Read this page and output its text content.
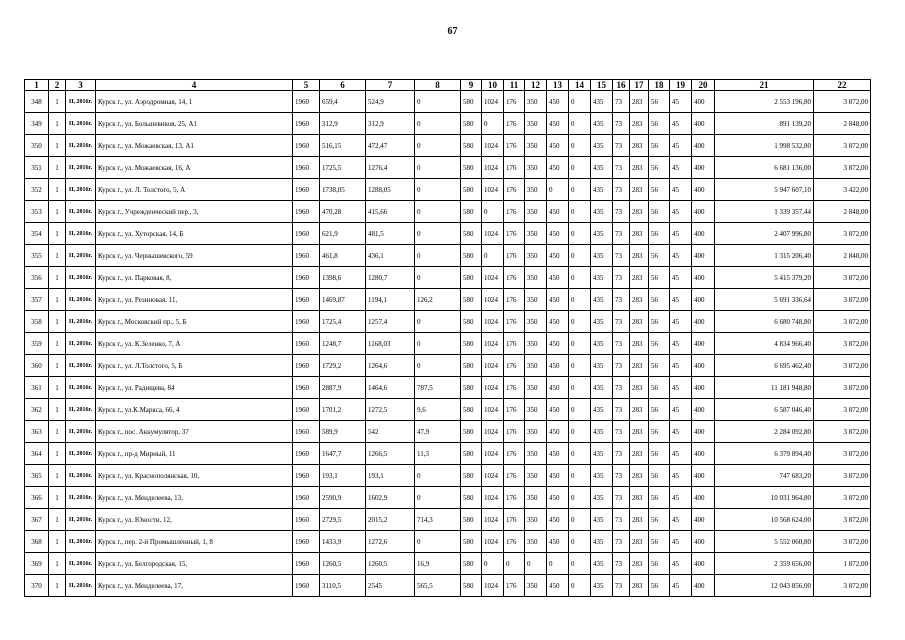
67
1	2	3	4	5	6	7	8	9	10	11	12	13	14	15	16	17	18	19	20	21	22
348	1	II, 2016г.	Курск г., ул. Аэродромная, 14, 1	1960	659,4	524,9	0	580	1024	176	350	450	0	435	73	283	56	45	400	2 553 196,80	3 872,00
349	1	II, 2016г.	Курск г., ул. Большевиков, 25, А1	1960	312,9	312,9	0	580	0	176	350	450	0	435	73	283	56	45	400	891 139,20	2 848,00
350	1	II, 2016г.	Курск г., ул. Можаевская, 13, А1	1960	516,15	472,47	0	580	1024	176	350	450	0	435	73	283	56	45	400	1 998 532,80	3 872,00
351	1	II, 2016г.	Курск г., ул. Можаевская, 16, А	1960	1725,5	1276,4	0	580	1024	176	350	450	0	435	73	283	56	45	400	6 681 136,00	3 872,00
352	1	II, 2016г.	Курск г., ул. Л. Толстого, 5, А	1960	1738,05	1288,05	0	580	1024	176	350	0	0	435	73	283	56	45	400	5 947 607,10	3 422,00
353	1	II, 2016г.	Курск г., Учрежденческий пер., 3,	1960	470,28	415,66	0	580	0	176	350	450	0	435	73	283	56	45	400	1 339 357,44	2 848,00
354	1	II, 2016г.	Курск г., ул. Хуторская, 14, Б	1960	621,9	481,5	0	580	1024	176	350	450	0	435	73	283	56	45	400	2 407 996,80	3 872,00
355	1	II, 2016г.	Курск г., ул. Чернышевского, 59	1960	461,8	436,1	0	580	0	176	350	450	0	435	73	283	56	45	400	1 315 206,40	2 848,00
356	1	II, 2016г.	Курск г., ул. Парковая, 8,	1960	1398,6	1280,7	0	580	1024	176	350	450	0	435	73	283	56	45	400	5 415 379,20	3 872,00
357	1	II, 2016г.	Курск г., ул. Резиновая, 11,	1960	1469,87	1194,1	126,2	580	1024	176	350	450	0	435	73	283	56	45	400	5 691 336,64	3 872,00
358	1	II, 2016г.	Курск г., Московский пр., 5, Б	1960	1725,4	1257,4	0	580	1024	176	350	450	0	435	73	283	56	45	400	6 680 748,80	3 872,00
359	1	II, 2016г.	Курск г., ул. К.Зеленко, 7, А	1960	1248,7	1168,03	0	580	1024	176	350	450	0	435	73	283	56	45	400	4 834 966,40	3 872,00
360	1	II, 2016г.	Курск г., ул. Л.Толстого, 5, Б	1960	1729,2	1264,6	0	580	1024	176	350	450	0	435	73	283	56	45	400	6 695 462,40	3 872,00
361	1	II, 2016г.	Курск г., ул. Радищева, 84	1960	2887,9	1464,6	787,5	580	1024	176	350	450	0	435	73	283	56	45	400	11 181 948,80	3 872,00
362	1	II, 2016г.	Курск г., ул.К.Маркса, 66, 4	1960	1701,2	1272,5	9,6	580	1024	176	350	450	0	435	73	283	56	45	400	6 587 046,40	3 872,00
363	1	II, 2016г.	Курск г., пос. Аккумулятор, 37	1960	589,9	542	47,9	580	1024	176	350	450	0	435	73	283	56	45	400	2 284 092,80	3 872,00
364	1	II, 2016г.	Курск г., пр-д Мирный, 11	1960	1647,7	1266,5	11,3	580	1024	176	350	450	0	435	73	283	56	45	400	6 379 894,40	3 872,00
365	1	II, 2016г.	Курск г., ул. Краснополянская, 10,	1960	193,1	193,1	0	580	1024	176	350	450	0	435	73	283	56	45	400	747 683,20	3 872,00
366	1	II, 2016г.	Курск г., ул. Менделеева, 13,	1960	2590,9	1602,9	0	580	1024	176	350	450	0	435	73	283	56	45	400	10 031 964,80	3 872,00
367	1	II, 2016г.	Курск г., ул. Юности, 12,	1960	2729,5	2015,2	714,3	580	1024	176	350	450	0	435	73	283	56	45	400	10 568 624,00	3 872,00
368	1	II, 2016г.	Курск г., пер. 2-й Промышленный, 1, 8	1960	1433,9	1272,6	0	580	1024	176	350	450	0	435	73	283	56	45	400	5 552 060,80	3 872,00
369	1	II, 2016г.	Курск г., ул. Белгородская, 15,	1960	1260,5	1260,5	16,9	580	0	0	0	0	0	435	73	283	56	45	400	2 359 656,00	1 872,00
370	1	II, 2016г.	Курск г., ул. Менделеева, 17,	1960	3110,5	2545	565,5	580	1024	176	350	450	0	435	73	283	56	45	400	12 043 856,00	3 872,00
